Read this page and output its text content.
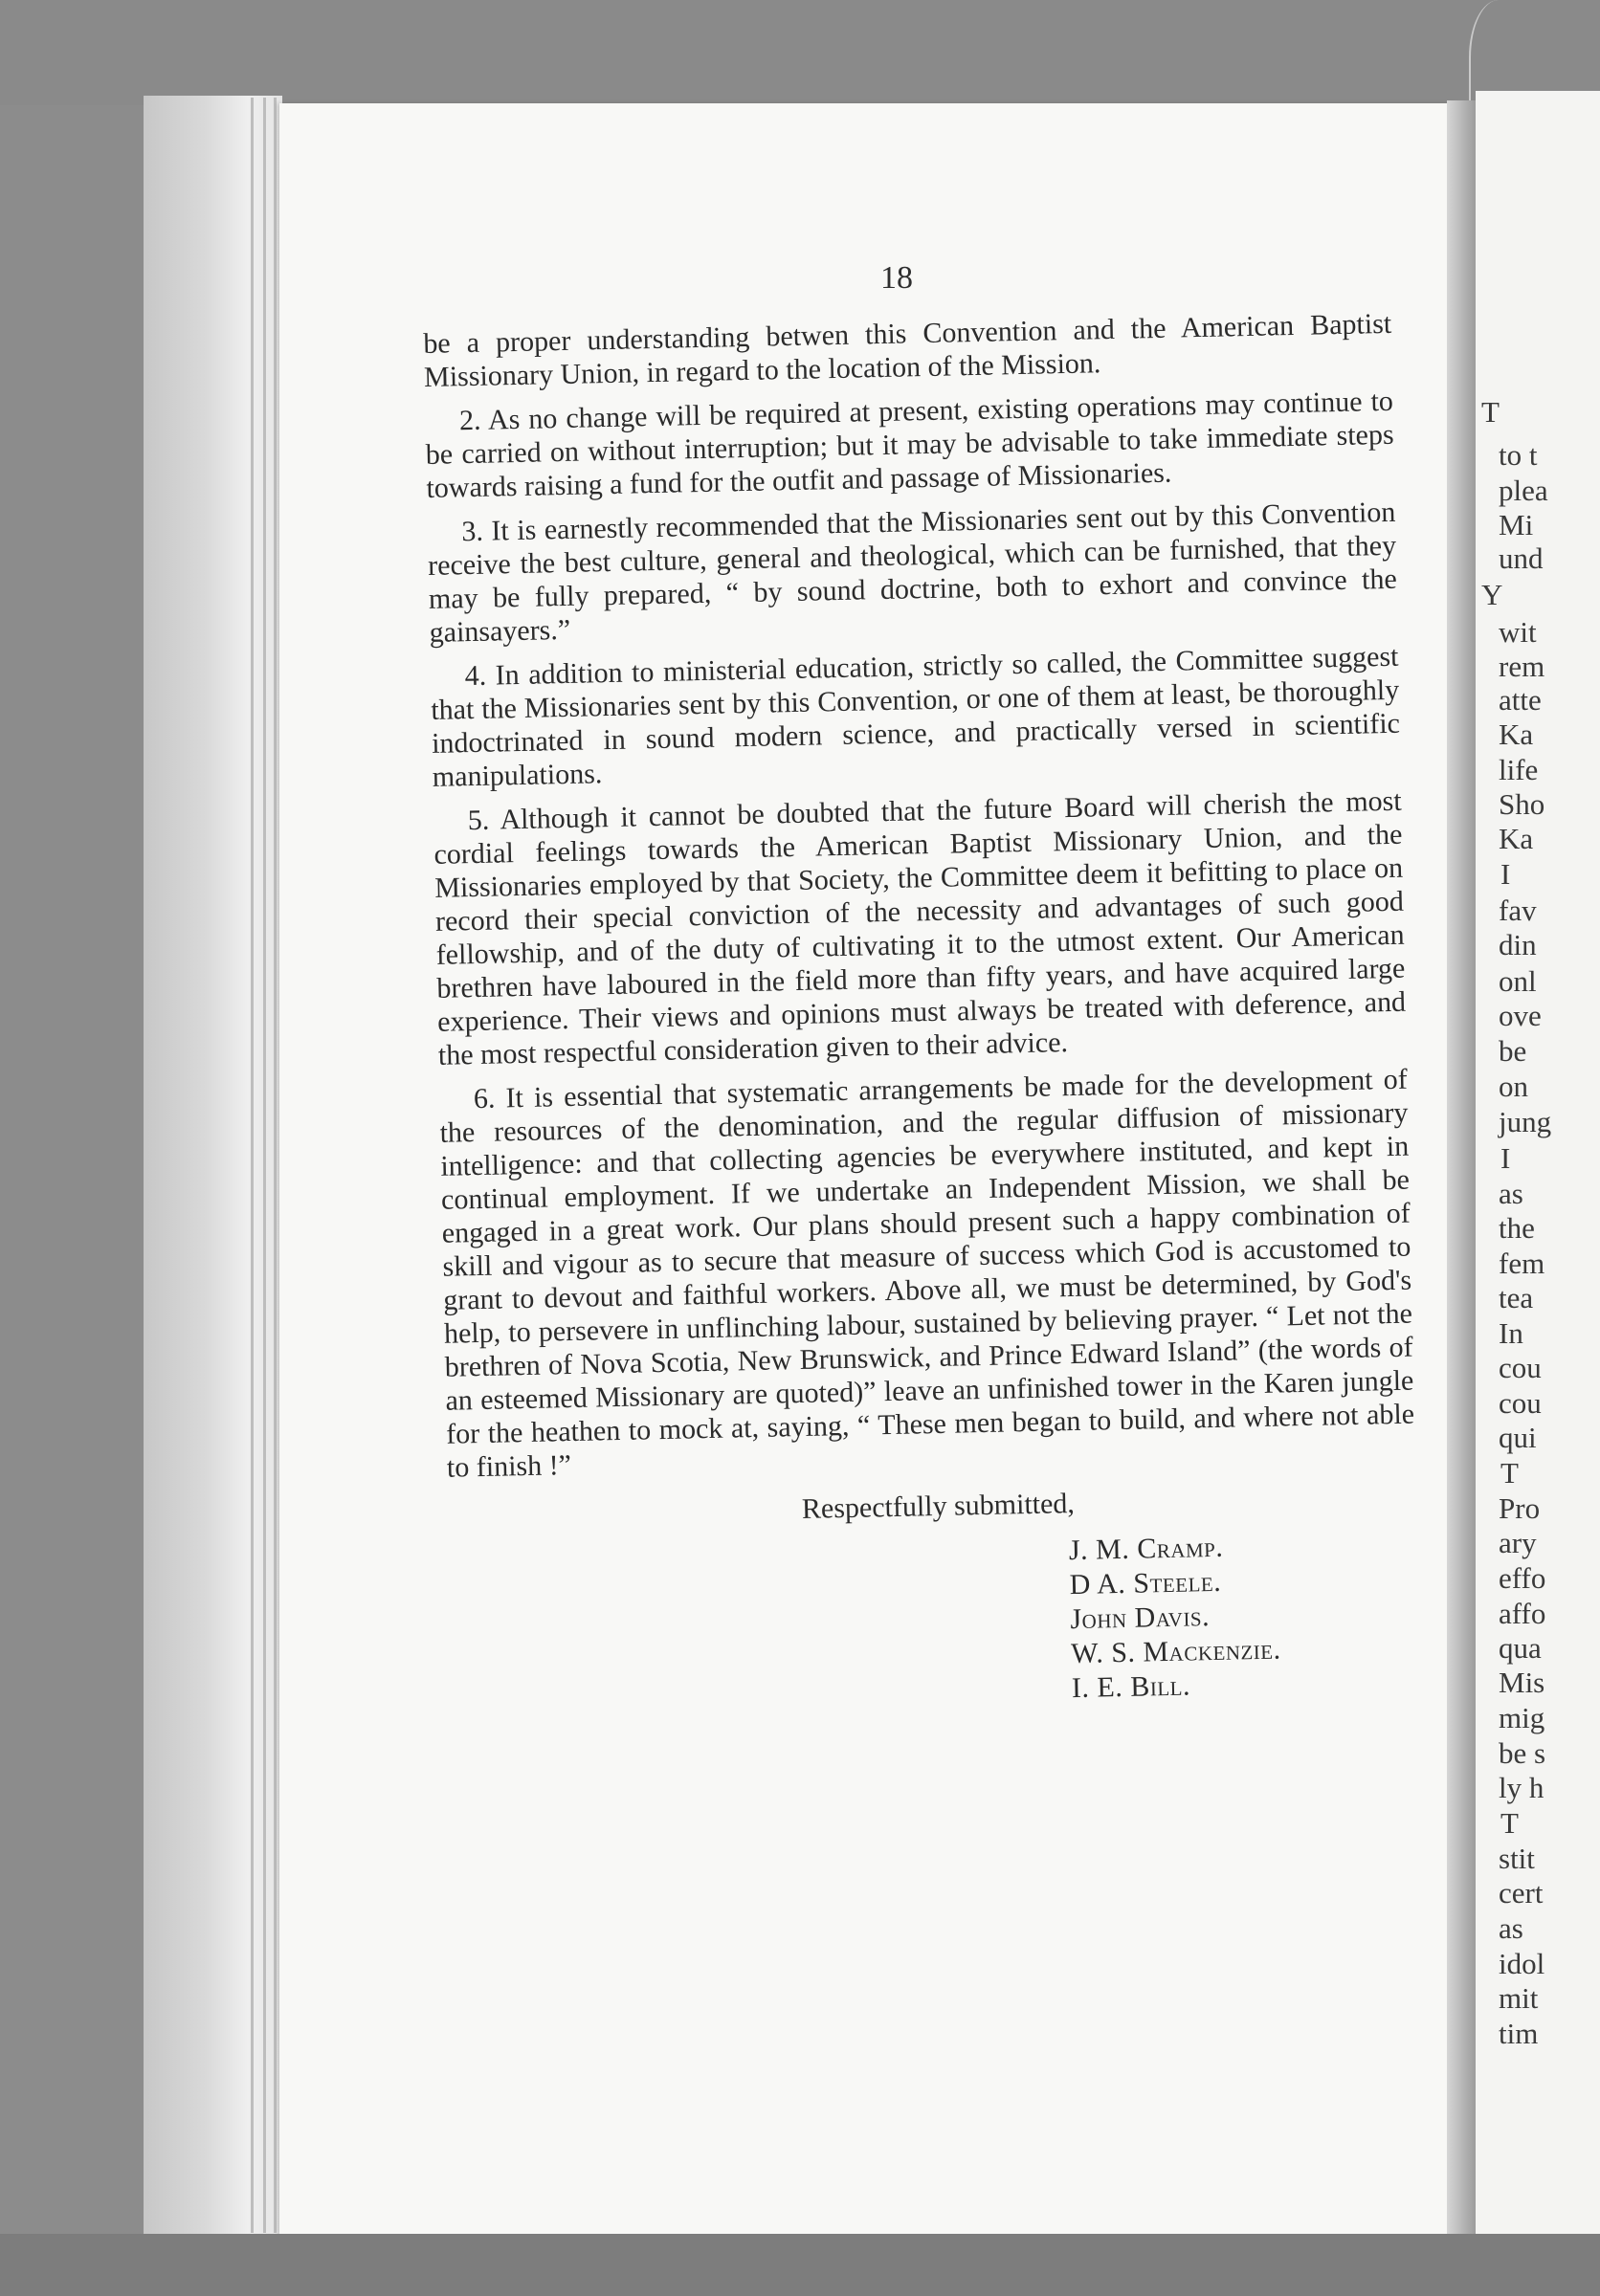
18

be a proper understanding betwen this Convention and the American Baptist Missionary Union, in regard to the location of the Mission.

2. As no change will be required at present, existing operations may continue to be carried on without interruption; but it may be advisable to take immediate steps towards raising a fund for the outfit and passage of Missionaries.

3. It is earnestly recommended that the Missionaries sent out by this Convention receive the best culture, general and theological, which can be furnished, that they may be fully prepared, “ by sound doctrine, both to exhort and convince the gainsayers.”

4. In addition to ministerial education, strictly so called, the Committee suggest that the Missionaries sent by this Convention, or one of them at least, be thoroughly indoctrinated in sound modern science, and practically versed in scientific manipulations.

5. Although it cannot be doubted that the future Board will cherish the most cordial feelings towards the American Baptist Missionary Union, and the Missionaries employed by that Society, the Committee deem it befitting to place on record their special conviction of the necessity and advantages of such good fellowship, and of the duty of cultivating it to the utmost extent. Our American brethren have laboured in the field more than fifty years, and have acquired large experience. Their views and opinions must always be treated with deference, and the most respectful consideration given to their advice.

6. It is essential that systematic arrangements be made for the development of the resources of the denomination, and the regular diffusion of missionary intelligence: and that collecting agencies be everywhere instituted, and kept in continual employment. If we undertake an Independent Mission, we shall be engaged in a great work. Our plans should present such a happy combination of skill and vigour as to secure that measure of success which God is accustomed to grant to devout and faithful workers. Above all, we must be determined, by God's help, to persevere in unflinching labour, sustained by believing prayer. “ Let not the brethren of Nova Scotia, New Brunswick, and Prince Edward Island” (the words of an esteemed Missionary are quoted)” leave an unfinished tower in the Karen jungle for the heathen to mock at, saying, “ These men began to build, and where not able to finish !”

Respectfully submitted,
J. M. Cramp.
D A. Steele.
John Davis.
W. S. Mackenzie.
I. E. Bill.
T
to t
plea
Mi
und
Y
wit
rem
atte
Ka
life
Sho
Ka
I
fav
din
onl
ove
be
on
jung
I
as
the
fem
tea
In
cou
cou
qui
T
Pro
ary
effo
affo
qua
Mis
mig
be s
ly h
T
stit
cert
as
idol
mit
tim
